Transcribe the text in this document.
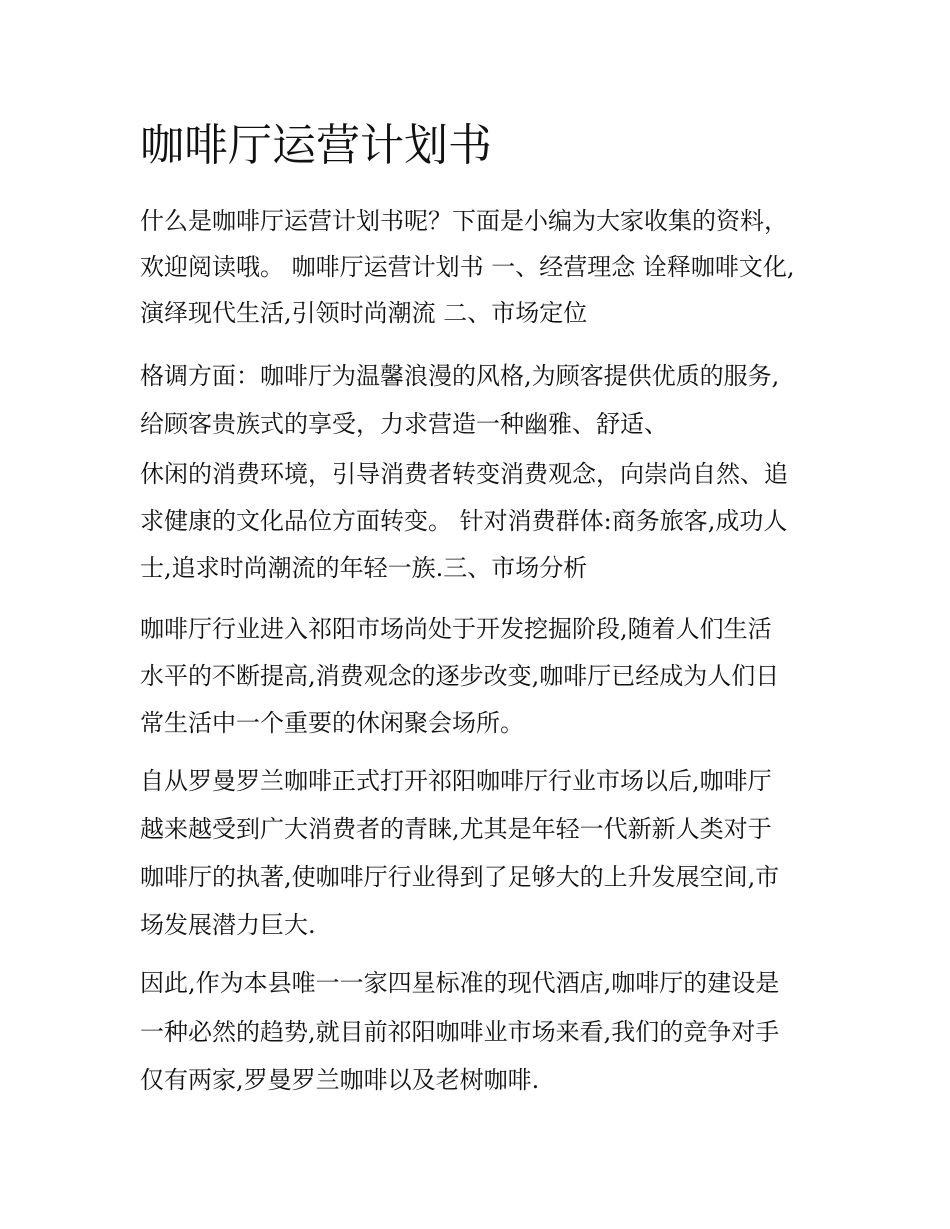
咖啡厅运营计划书

什么是咖啡厅运营计划书呢？下面是小编为大家收集的资料，

欢迎阅读哦。 咖啡厅运营计划书 一、经营理念 诠释咖啡文化,

演绎现代生活,引领时尚潮流 二、市场定位

格调方面：咖啡厅为温馨浪漫的风格,为顾客提供优质的服务,

给顾客贵族式的享受，力求营造一种幽雅、舒适、

休闲的消费环境，引导消费者转变消费观念，向崇尚自然、追

求健康的文化品位方面转变。 针对消费群体:商务旅客,成功人

士,追求时尚潮流的年轻一族.三、市场分析

咖啡厅行业进入祁阳市场尚处于开发挖掘阶段,随着人们生活

水平的不断提高,消费观念的逐步改变,咖啡厅已经成为人们日

常生活中一个重要的休闲聚会场所。

自从罗曼罗兰咖啡正式打开祁阳咖啡厅行业市场以后,咖啡厅

越来越受到广大消费者的青睐,尤其是年轻一代新新人类对于

咖啡厅的执著,使咖啡厅行业得到了足够大的上升发展空间,市

场发展潜力巨大.

因此,作为本县唯一一家四星标准的现代酒店,咖啡厅的建设是

一种必然的趋势,就目前祁阳咖啡业市场来看,我们的竞争对手

仅有两家,罗曼罗兰咖啡以及老树咖啡.
